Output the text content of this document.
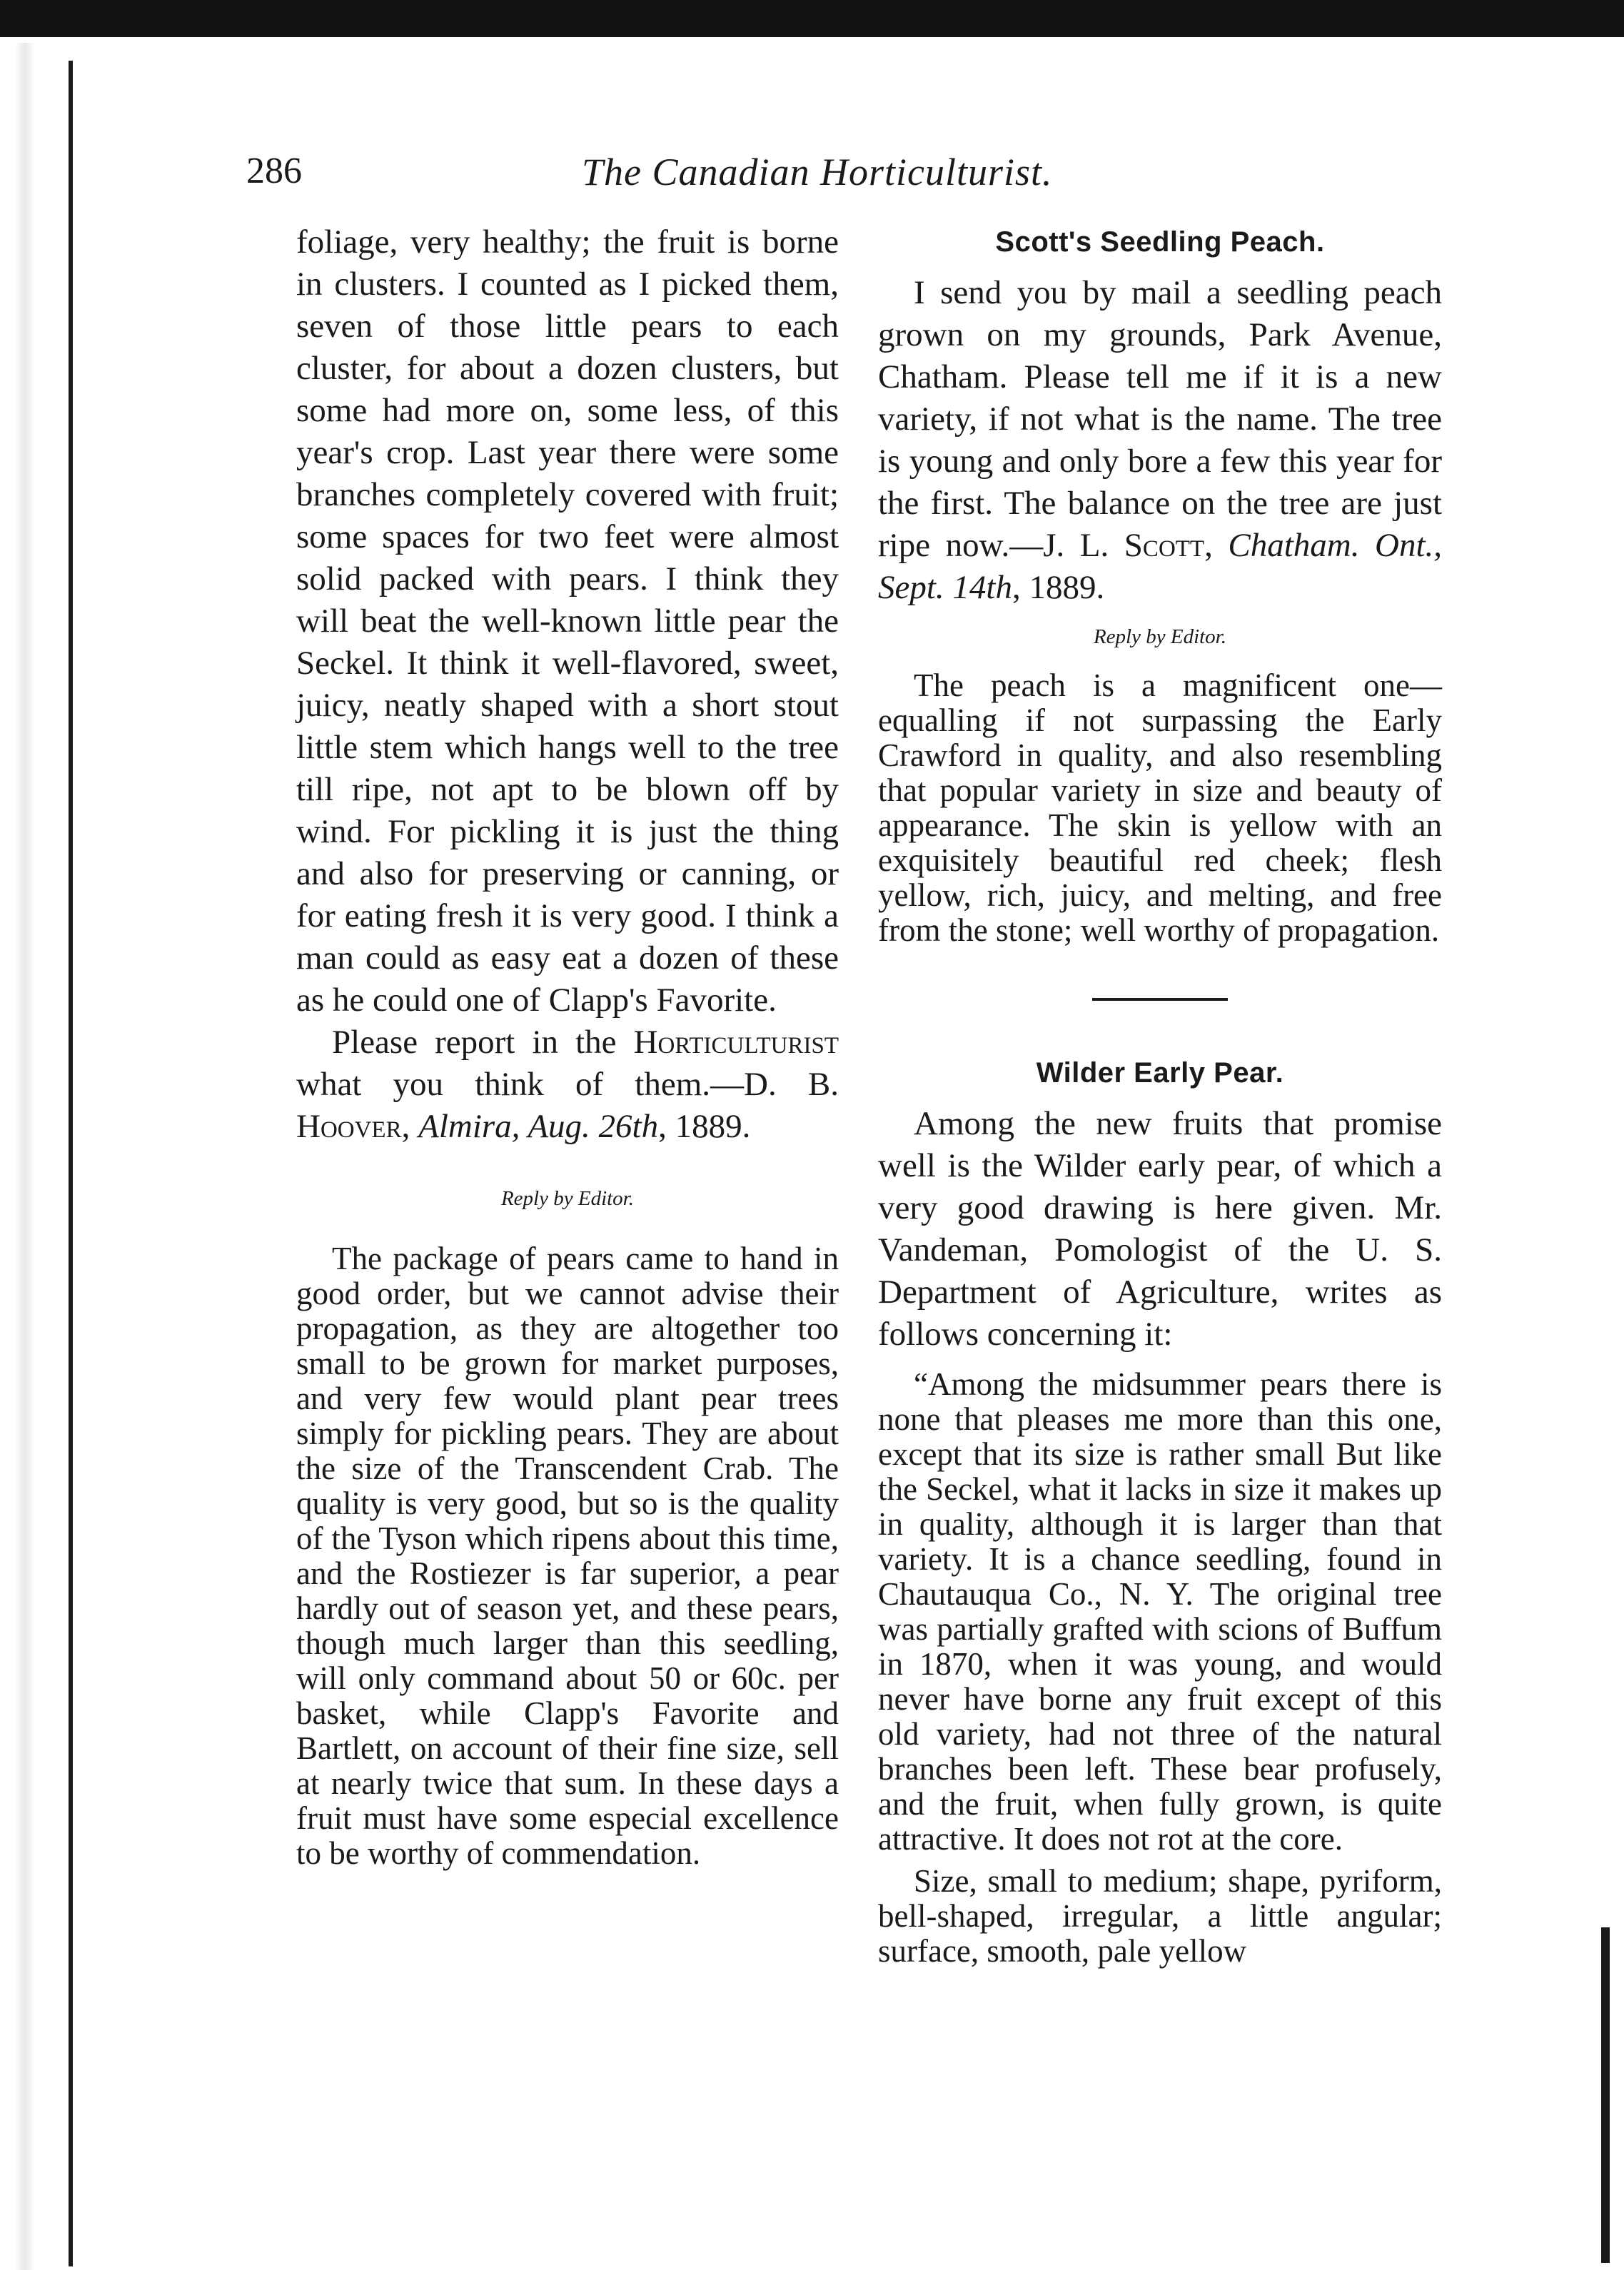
286	The Canadian Horticulturist.

foliage, very healthy; the fruit is borne in clusters. I counted as I picked them, seven of those little pears to each cluster, for about a dozen clusters, but some had more on, some less, of this year's crop. Last year there were some branches completely covered with fruit; some spaces for two feet were almost solid packed with pears. I think they will beat the well-known little pear the Seckel. It think it well-flavored, sweet, juicy, neatly shaped with a short stout little stem which hangs well to the tree till ripe, not apt to be blown off by wind. For pickling it is just the thing and also for preserving or canning, or for eating fresh it is very good. I think a man could as easy eat a dozen of these as he could one of Clapp's Favorite.

Please report in the Horticulturist what you think of them.—D. B. Hoover, Almira, Aug. 26th, 1889.

Reply by Editor.

The package of pears came to hand in good order, but we cannot advise their propagation, as they are altogether too small to be grown for market purposes, and very few would plant pear trees simply for pickling pears. They are about the size of the Transcendent Crab. The quality is very good, but so is the quality of the Tyson which ripens about this time, and the Rostiezer is far superior, a pear hardly out of season yet, and these pears, though much larger than this seedling, will only command about 50 or 60c. per basket, while Clapp's Favorite and Bartlett, on account of their fine size, sell at nearly twice that sum. In these days a fruit must have some especial excellence to be worthy of commendation.

Scott's Seedling Peach.

I send you by mail a seedling peach grown on my grounds, Park Avenue, Chatham. Please tell me if it is a new variety, if not what is the name. The tree is young and only bore a few this year for the first. The balance on the tree are just ripe now.—J. L. Scott, Chatham. Ont., Sept. 14th, 1889.

Reply by Editor.

The peach is a magnificent one—equalling if not surpassing the Early Crawford in quality, and also resembling that popular variety in size and beauty of appearance. The skin is yellow with an exquisitely beautiful red cheek; flesh yellow, rich, juicy, and melting, and free from the stone; well worthy of propagation.

Wilder Early Pear.

Among the new fruits that promise well is the Wilder early pear, of which a very good drawing is here given. Mr. Vandeman, Pomologist of the U. S. Department of Agriculture, writes as follows concerning it:

“Among the midsummer pears there is none that pleases me more than this one, except that its size is rather small But like the Seckel, what it lacks in size it makes up in quality, although it is larger than that variety. It is a chance seedling, found in Chautauqua Co., N. Y. The original tree was partially grafted with scions of Buffum in 1870, when it was young, and would never have borne any fruit except of this old variety, had not three of the natural branches been left. These bear profusely, and the fruit, when fully grown, is quite attractive. It does not rot at the core.

Size, small to medium; shape, pyriform, bell-shaped, irregular, a little angular; surface, smooth, pale yellow
